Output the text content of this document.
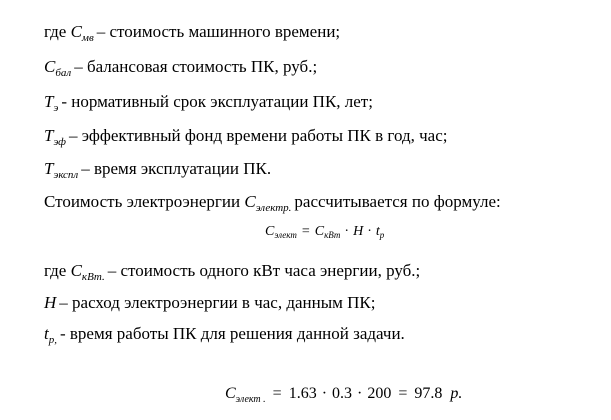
где $C_{мв}$ – стоимость машинного времени;
$C_{бал}$ – балансовая стоимость ПК, руб.;
$T_э$ - нормативный срок эксплуатации ПК, лет;
$T_{эф}$ – эффективный фонд времени работы ПК в год, час;
$T_{экспл}$ – время эксплуатации ПК.
Стоимость электроэнергии $C_{электр.}$ рассчитывается по формуле:
$C_{элект} = C_{кВт} \cdot H \cdot t_p$
где $C_{кВт.}$ – стоимость одного кВт часа энергии, руб.;
H – расход электроэнергии в час, данным ПК;
$t_{р,}$ - время работы ПК для решения данной задачи.
$C_{элект .} = 1.63 \cdot 0.3 \cdot 200 = 97.8$ р.
